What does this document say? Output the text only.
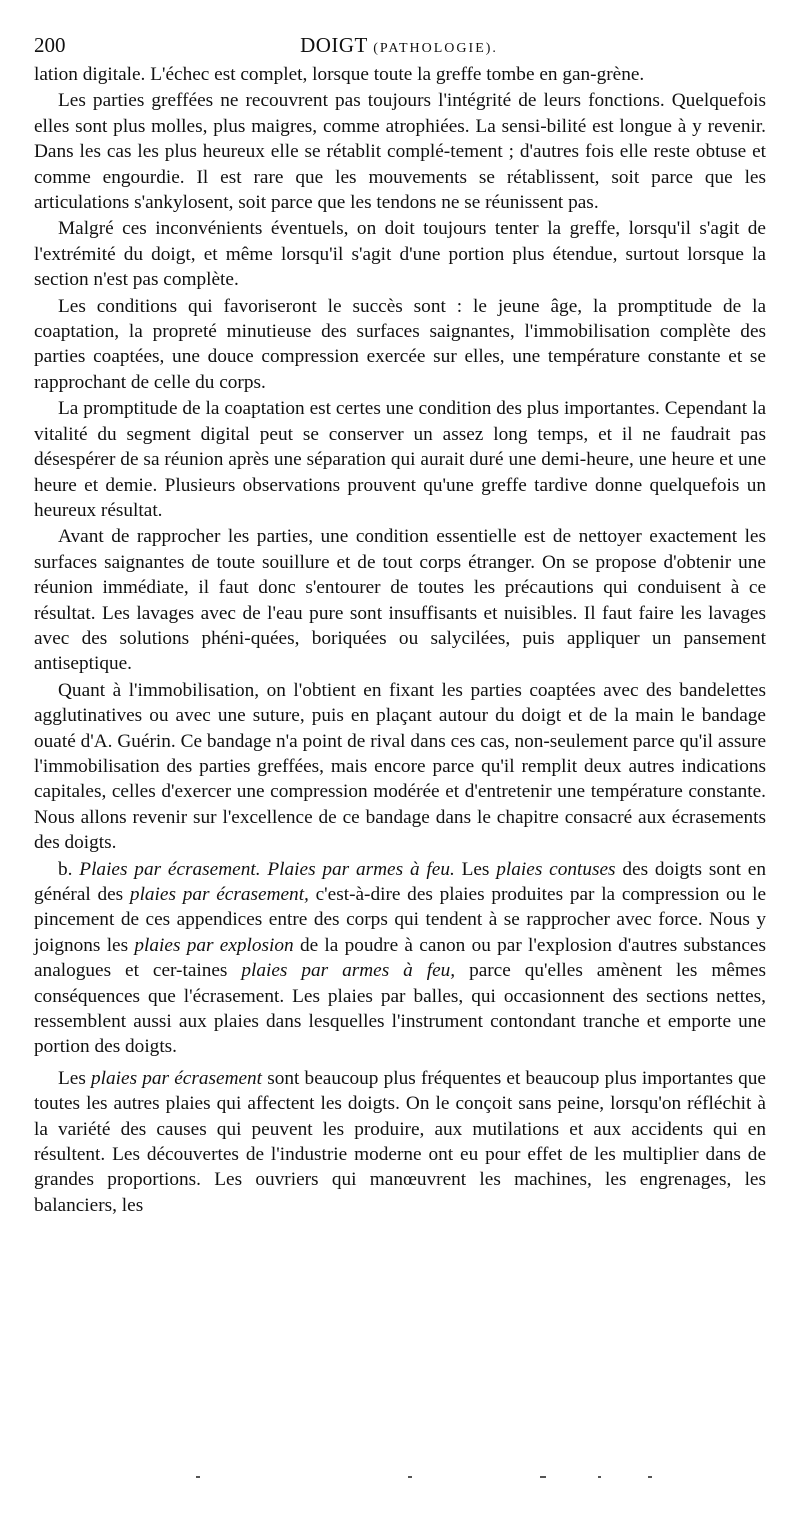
200	DOIGT (PATHOLOGIE).

lation digitale. L'échec est complet, lorsque toute la greffe tombe en gan-grène.

Les parties greffées ne recouvrent pas toujours l'intégrité de leurs fonctions. Quelquefois elles sont plus molles, plus maigres, comme atrophiées. La sensi-bilité est longue à y revenir. Dans les cas les plus heureux elle se rétablit complé-tement ; d'autres fois elle reste obtuse et comme engourdie. Il est rare que les mouvements se rétablissent, soit parce que les articulations s'ankylosent, soit parce que les tendons ne se réunissent pas.

Malgré ces inconvénients éventuels, on doit toujours tenter la greffe, lorsqu'il s'agit de l'extrémité du doigt, et même lorsqu'il s'agit d'une portion plus étendue, surtout lorsque la section n'est pas complète.

Les conditions qui favoriseront le succès sont : le jeune âge, la promptitude de la coaptation, la propreté minutieuse des surfaces saignantes, l'immobilisation complète des parties coaptées, une douce compression exercée sur elles, une température constante et se rapprochant de celle du corps.

La promptitude de la coaptation est certes une condition des plus importantes. Cependant la vitalité du segment digital peut se conserver un assez long temps, et il ne faudrait pas désespérer de sa réunion après une séparation qui aurait duré une demi-heure, une heure et une heure et demie. Plusieurs observations prouvent qu'une greffe tardive donne quelquefois un heureux résultat.

Avant de rapprocher les parties, une condition essentielle est de nettoyer exactement les surfaces saignantes de toute souillure et de tout corps étranger. On se propose d'obtenir une réunion immédiate, il faut donc s'entourer de toutes les précautions qui conduisent à ce résultat. Les lavages avec de l'eau pure sont insuffisants et nuisibles. Il faut faire les lavages avec des solutions phéni-quées, boriquées ou salycilées, puis appliquer un pansement antiseptique.

Quant à l'immobilisation, on l'obtient en fixant les parties coaptées avec des bandelettes agglutinatives ou avec une suture, puis en plaçant autour du doigt et de la main le bandage ouaté d'A. Guérin. Ce bandage n'a point de rival dans ces cas, non-seulement parce qu'il assure l'immobilisation des parties greffées, mais encore parce qu'il remplit deux autres indications capitales, celles d'exercer une compression modérée et d'entretenir une température constante. Nous allons revenir sur l'excellence de ce bandage dans le chapitre consacré aux écrasements des doigts.

b. Plaies par écrasement. Plaies par armes à feu. Les plaies contuses des doigts sont en général des plaies par écrasement, c'est-à-dire des plaies produites par la compression ou le pincement de ces appendices entre des corps qui tendent à se rapprocher avec force. Nous y joignons les plaies par explosion de la poudre à canon ou par l'explosion d'autres substances analogues et cer-taines plaies par armes à feu, parce qu'elles amènent les mêmes conséquences que l'écrasement. Les plaies par balles, qui occasionnent des sections nettes, ressemblent aussi aux plaies dans lesquelles l'instrument contondant tranche et emporte une portion des doigts.

Les plaies par écrasement sont beaucoup plus fréquentes et beaucoup plus importantes que toutes les autres plaies qui affectent les doigts. On le conçoit sans peine, lorsqu'on réfléchit à la variété des causes qui peuvent les produire, aux mutilations et aux accidents qui en résultent. Les découvertes de l'industrie moderne ont eu pour effet de les multiplier dans de grandes proportions. Les ouvriers qui manœuvrent les machines, les engrenages, les balanciers, les
